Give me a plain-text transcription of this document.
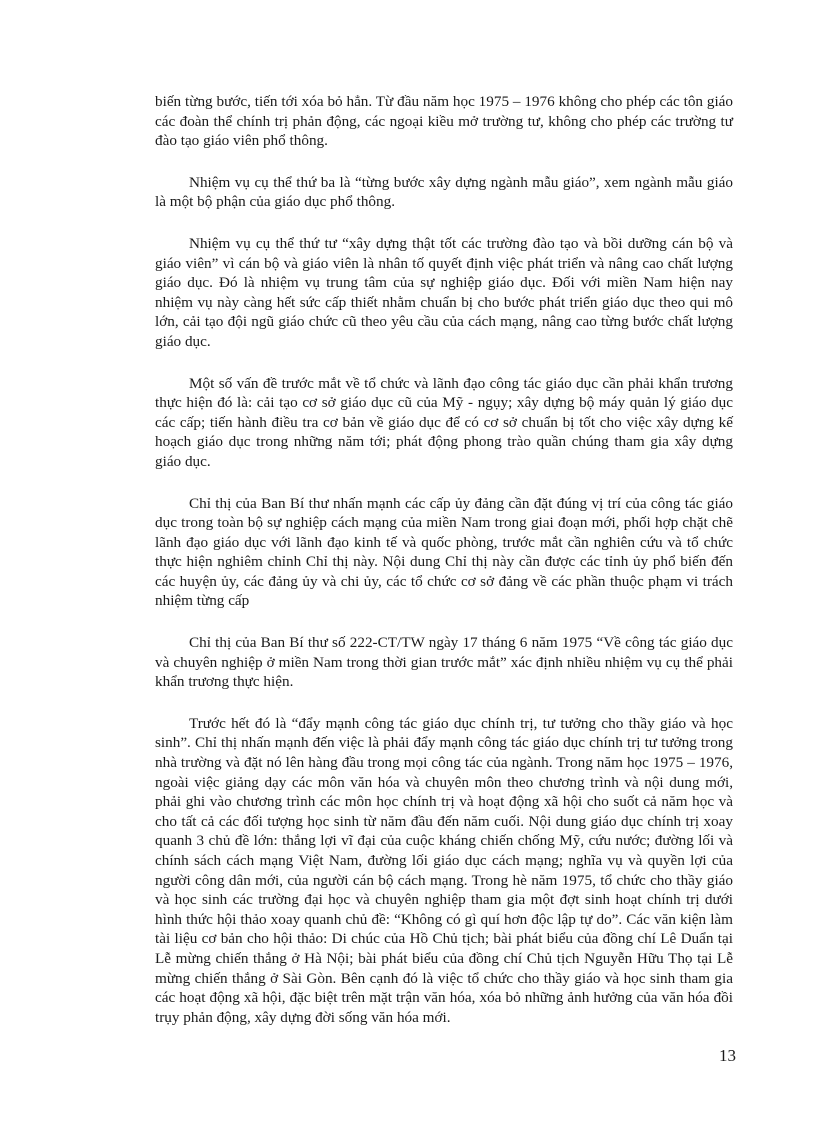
biến từng bước, tiến tới xóa bỏ hẳn. Từ đầu năm học 1975 – 1976 không cho phép các tôn giáo các đoàn thể chính trị phản động, các ngoại kiều mở trường tư, không cho phép các trường tư đào tạo giáo viên phổ thông.

Nhiệm vụ cụ thể thứ ba là “từng bước xây dựng ngành mẫu giáo”, xem ngành mẫu giáo là một bộ phận của giáo dục phổ thông.

Nhiệm vụ cụ thể thứ tư “xây dựng thật tốt các trường đào tạo và bồi dưỡng cán bộ và giáo viên” vì cán bộ và giáo viên là nhân tố quyết định việc phát triển và nâng cao chất lượng giáo dục. Đó là nhiệm vụ trung tâm của sự nghiệp giáo dục. Đối với miền Nam hiện nay nhiệm vụ này càng hết sức cấp thiết nhằm chuẩn bị cho bước phát triển giáo dục theo qui mô lớn, cải tạo đội ngũ giáo chức cũ theo yêu cầu của cách mạng, nâng cao từng bước chất lượng giáo dục.

Một số vấn đề trước mắt về tổ chức và lãnh đạo công tác giáo dục cần phải khẩn trương thực hiện đó là: cải tạo cơ sở giáo dục cũ của Mỹ - ngụy; xây dựng bộ máy quản lý giáo dục các cấp; tiến hành điều tra cơ bản về giáo dục để có cơ sở chuẩn bị tốt cho việc xây dựng kế hoạch giáo dục trong những năm tới; phát động phong trào quần chúng tham gia xây dựng giáo dục.

Chỉ thị của Ban Bí thư nhấn mạnh các cấp ủy đảng cần đặt đúng vị trí của công tác giáo dục trong toàn bộ sự nghiệp cách mạng của miền Nam trong giai đoạn mới, phối hợp chặt chẽ lãnh đạo giáo dục với lãnh đạo kinh tế và quốc phòng, trước mắt cần nghiên cứu và tổ chức thực hiện nghiêm chỉnh Chỉ thị này. Nội dung Chỉ thị này cần được các tỉnh ủy phổ biến đến các huyện ủy, các đảng ủy và chi ủy, các tổ chức cơ sở đảng về các phần thuộc phạm vi trách nhiệm từng cấp

Chỉ thị của Ban Bí thư số 222-CT/TW ngày 17 tháng 6 năm 1975 “Về công tác giáo dục và chuyên nghiệp ở miền Nam trong thời gian trước mắt” xác định nhiều nhiệm vụ cụ thể phải khẩn trương thực hiện.

Trước hết đó là “đẩy mạnh công tác giáo dục chính trị, tư tưởng cho thầy giáo và học sinh”. Chỉ thị nhấn mạnh đến việc là phải đẩy mạnh công tác giáo dục chính trị tư tưởng trong nhà trường và đặt nó lên hàng đầu trong mọi công tác của ngành. Trong năm học 1975 – 1976, ngoài việc giảng dạy các môn văn hóa và chuyên môn theo chương trình và nội dung mới, phải ghi vào chương trình các môn học chính trị và hoạt động xã hội cho suốt cả năm học và cho tất cả các đối tượng học sinh từ năm đầu đến năm cuối. Nội dung giáo dục chính trị xoay quanh 3 chủ đề lớn: thắng lợi vĩ đại của cuộc kháng chiến chống Mỹ, cứu nước; đường lối và chính sách cách mạng Việt Nam, đường lối giáo dục cách mạng; nghĩa vụ và quyền lợi của người công dân mới, của người cán bộ cách mạng. Trong hè năm 1975, tổ chức cho thầy giáo và học sinh các trường đại học và chuyên nghiệp tham gia một đợt sinh hoạt chính trị dưới hình thức hội thảo xoay quanh chủ đề: “Không có gì quí hơn độc lập tự do”. Các văn kiện làm tài liệu cơ bản cho hội thảo: Di chúc của Hồ Chủ tịch; bài phát biểu của đồng chí Lê Duẩn tại Lễ mừng chiến thắng ở Hà Nội; bài phát biểu của đồng chí Chủ tịch Nguyễn Hữu Thọ tại Lễ mừng chiến thắng ở Sài Gòn. Bên cạnh đó là việc tổ chức cho thầy giáo và học sinh tham gia các hoạt động xã hội, đặc biệt trên mặt trận văn hóa, xóa bỏ những ảnh hưởng của văn hóa đồi trụy phản động, xây dựng đời sống văn hóa mới.

13
